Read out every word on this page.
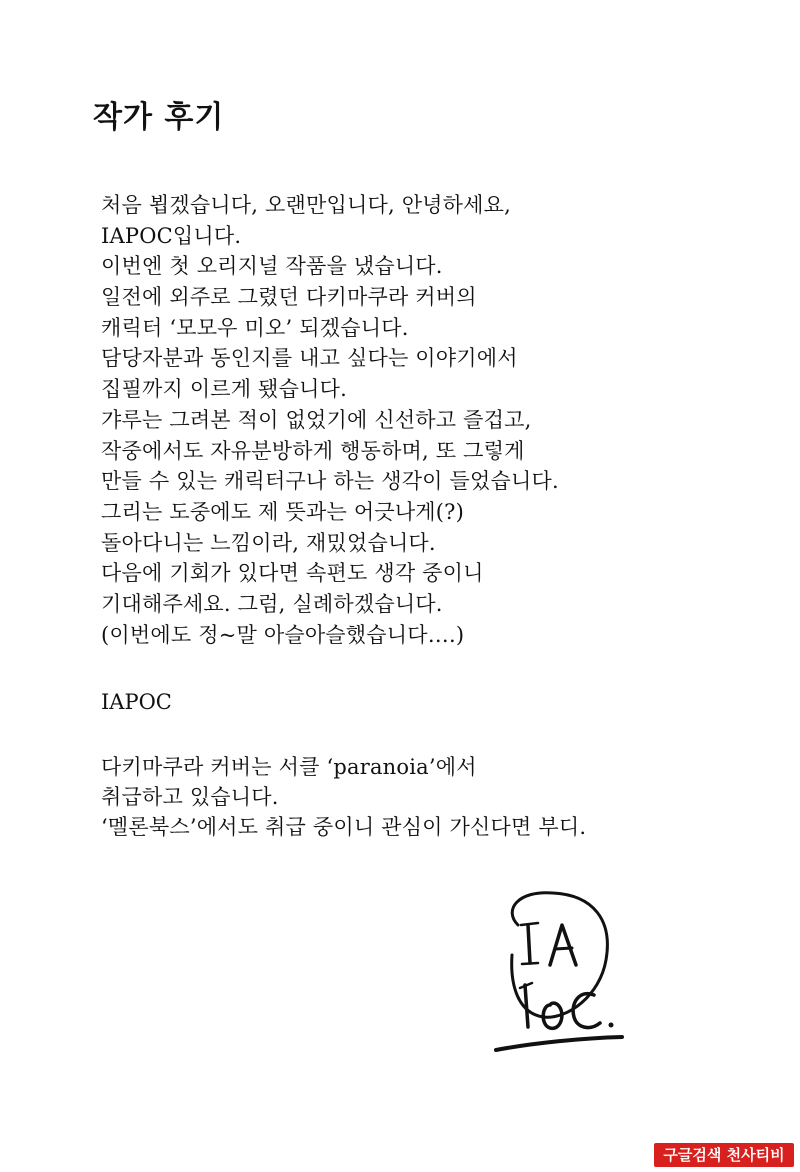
작가 후기
처음 뵙겠습니다, 오랜만입니다, 안녕하세요,
IAPOC입니다.
이번엔 첫 오리지널 작품을 냈습니다.
일전에 외주로 그렸던 다키마쿠라 커버의
캐릭터 ‘모모우 미오’ 되겠습니다.
담당자분과 동인지를 내고 싶다는 이야기에서
집필까지 이르게 됐습니다.
갸루는 그려본 적이 없었기에 신선하고 즐겁고,
작중에서도 자유분방하게 행동하며, 또 그렇게
만들 수 있는 캐릭터구나 하는 생각이 들었습니다.
그리는 도중에도 제 뜻과는 어긋나게(?)
돌아다니는 느낌이라, 재밌었습니다.
다음에 기회가 있다면 속편도 생각 중이니
기대해주세요. 그럼, 실례하겠습니다.
(이번에도 정~말 아슬아슬했습니다….)
IAPOC
다키마쿠라 커버는 서클 ‘paranoia’에서
취급하고 있습니다.
‘멜론북스’에서도 취급 중이니 관심이 가신다면 부디.
구글검색 천사티비
